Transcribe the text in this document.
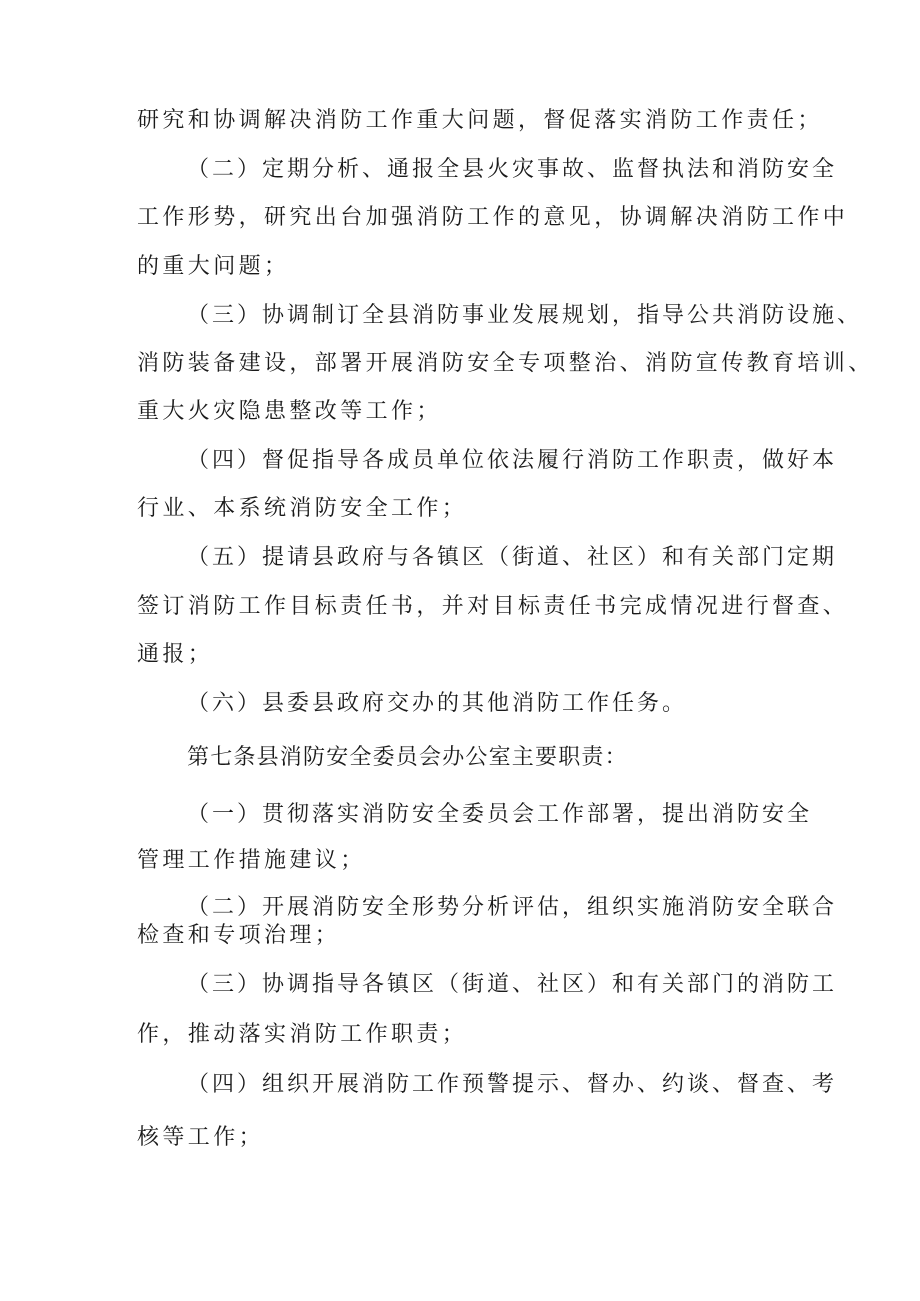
研究和协调解决消防工作重大问题，督促落实消防工作责任；
（二）定期分析、通报全县火灾事故、监督执法和消防安全
工作形势，研究出台加强消防工作的意见，协调解决消防工作中
的重大问题；
（三）协调制订全县消防事业发展规划，指导公共消防设施、
消防装备建设，部署开展消防安全专项整治、消防宣传教育培训、
重大火灾隐患整改等工作；
（四）督促指导各成员单位依法履行消防工作职责，做好本
行业、本系统消防安全工作；
（五）提请县政府与各镇区（街道、社区）和有关部门定期
签订消防工作目标责任书，并对目标责任书完成情况进行督查、
通报；
（六）县委县政府交办的其他消防工作任务。
第七条县消防安全委员会办公室主要职责：
（一）贯彻落实消防安全委员会工作部署，提出消防安全
管理工作措施建议；
（二）开展消防安全形势分析评估，组织实施消防安全联合
检查和专项治理；
（三）协调指导各镇区（街道、社区）和有关部门的消防工
作，推动落实消防工作职责；
（四）组织开展消防工作预警提示、督办、约谈、督查、考
核等工作；
